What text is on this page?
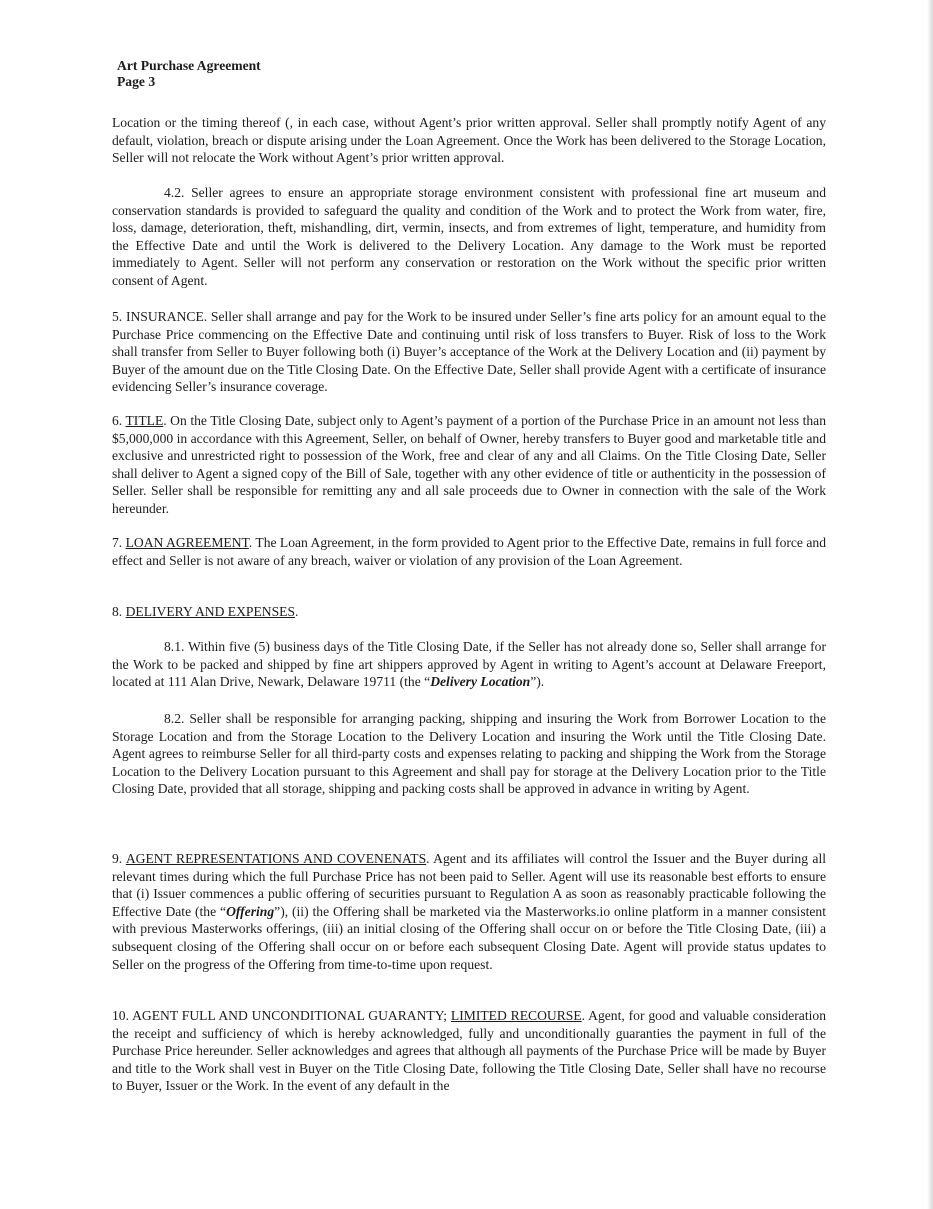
Art Purchase Agreement
Page 3

Location or the timing thereof (, in each case, without Agent’s prior written approval. Seller shall promptly notify Agent of any default, violation, breach or dispute arising under the Loan Agreement. Once the Work has been delivered to the Storage Location, Seller will not relocate the Work without Agent’s prior written approval.

4.2. Seller agrees to ensure an appropriate storage environment consistent with professional fine art museum and conservation standards is provided to safeguard the quality and condition of the Work and to protect the Work from water, fire, loss, damage, deterioration, theft, mishandling, dirt, vermin, insects, and from extremes of light, temperature, and humidity from the Effective Date and until the Work is delivered to the Delivery Location. Any damage to the Work must be reported immediately to Agent. Seller will not perform any conservation or restoration on the Work without the specific prior written consent of Agent.

5. INSURANCE. Seller shall arrange and pay for the Work to be insured under Seller’s fine arts policy for an amount equal to the Purchase Price commencing on the Effective Date and continuing until risk of loss transfers to Buyer. Risk of loss to the Work shall transfer from Seller to Buyer following both (i) Buyer’s acceptance of the Work at the Delivery Location and (ii) payment by Buyer of the amount due on the Title Closing Date. On the Effective Date, Seller shall provide Agent with a certificate of insurance evidencing Seller’s insurance coverage.

6. TITLE. On the Title Closing Date, subject only to Agent’s payment of a portion of the Purchase Price in an amount not less than $5,000,000 in accordance with this Agreement, Seller, on behalf of Owner, hereby transfers to Buyer good and marketable title and exclusive and unrestricted right to possession of the Work, free and clear of any and all Claims. On the Title Closing Date, Seller shall deliver to Agent a signed copy of the Bill of Sale, together with any other evidence of title or authenticity in the possession of Seller. Seller shall be responsible for remitting any and all sale proceeds due to Owner in connection with the sale of the Work hereunder.

7. LOAN AGREEMENT. The Loan Agreement, in the form provided to Agent prior to the Effective Date, remains in full force and effect and Seller is not aware of any breach, waiver or violation of any provision of the Loan Agreement.

8. DELIVERY AND EXPENSES.

8.1. Within five (5) business days of the Title Closing Date, if the Seller has not already done so, Seller shall arrange for the Work to be packed and shipped by fine art shippers approved by Agent in writing to Agent’s account at Delaware Freeport, located at 111 Alan Drive, Newark, Delaware 19711 (the “Delivery Location”).

8.2. Seller shall be responsible for arranging packing, shipping and insuring the Work from Borrower Location to the Storage Location and from the Storage Location to the Delivery Location and insuring the Work until the Title Closing Date. Agent agrees to reimburse Seller for all third-party costs and expenses relating to packing and shipping the Work from the Storage Location to the Delivery Location pursuant to this Agreement and shall pay for storage at the Delivery Location prior to the Title Closing Date, provided that all storage, shipping and packing costs shall be approved in advance in writing by Agent.

9. AGENT REPRESENTATIONS AND COVENENATS. Agent and its affiliates will control the Issuer and the Buyer during all relevant times during which the full Purchase Price has not been paid to Seller. Agent will use its reasonable best efforts to ensure that (i) Issuer commences a public offering of securities pursuant to Regulation A as soon as reasonably practicable following the Effective Date (the “Offering”), (ii) the Offering shall be marketed via the Masterworks.io online platform in a manner consistent with previous Masterworks offerings, (iii) an initial closing of the Offering shall occur on or before the Title Closing Date, (iii) a subsequent closing of the Offering shall occur on or before each subsequent Closing Date. Agent will provide status updates to Seller on the progress of the Offering from time-to-time upon request.

10. AGENT FULL AND UNCONDITIONAL GUARANTY; LIMITED RECOURSE. Agent, for good and valuable consideration the receipt and sufficiency of which is hereby acknowledged, fully and unconditionally guaranties the payment in full of the Purchase Price hereunder. Seller acknowledges and agrees that although all payments of the Purchase Price will be made by Buyer and title to the Work shall vest in Buyer on the Title Closing Date, following the Title Closing Date, Seller shall have no recourse to Buyer, Issuer or the Work. In the event of any default in the
